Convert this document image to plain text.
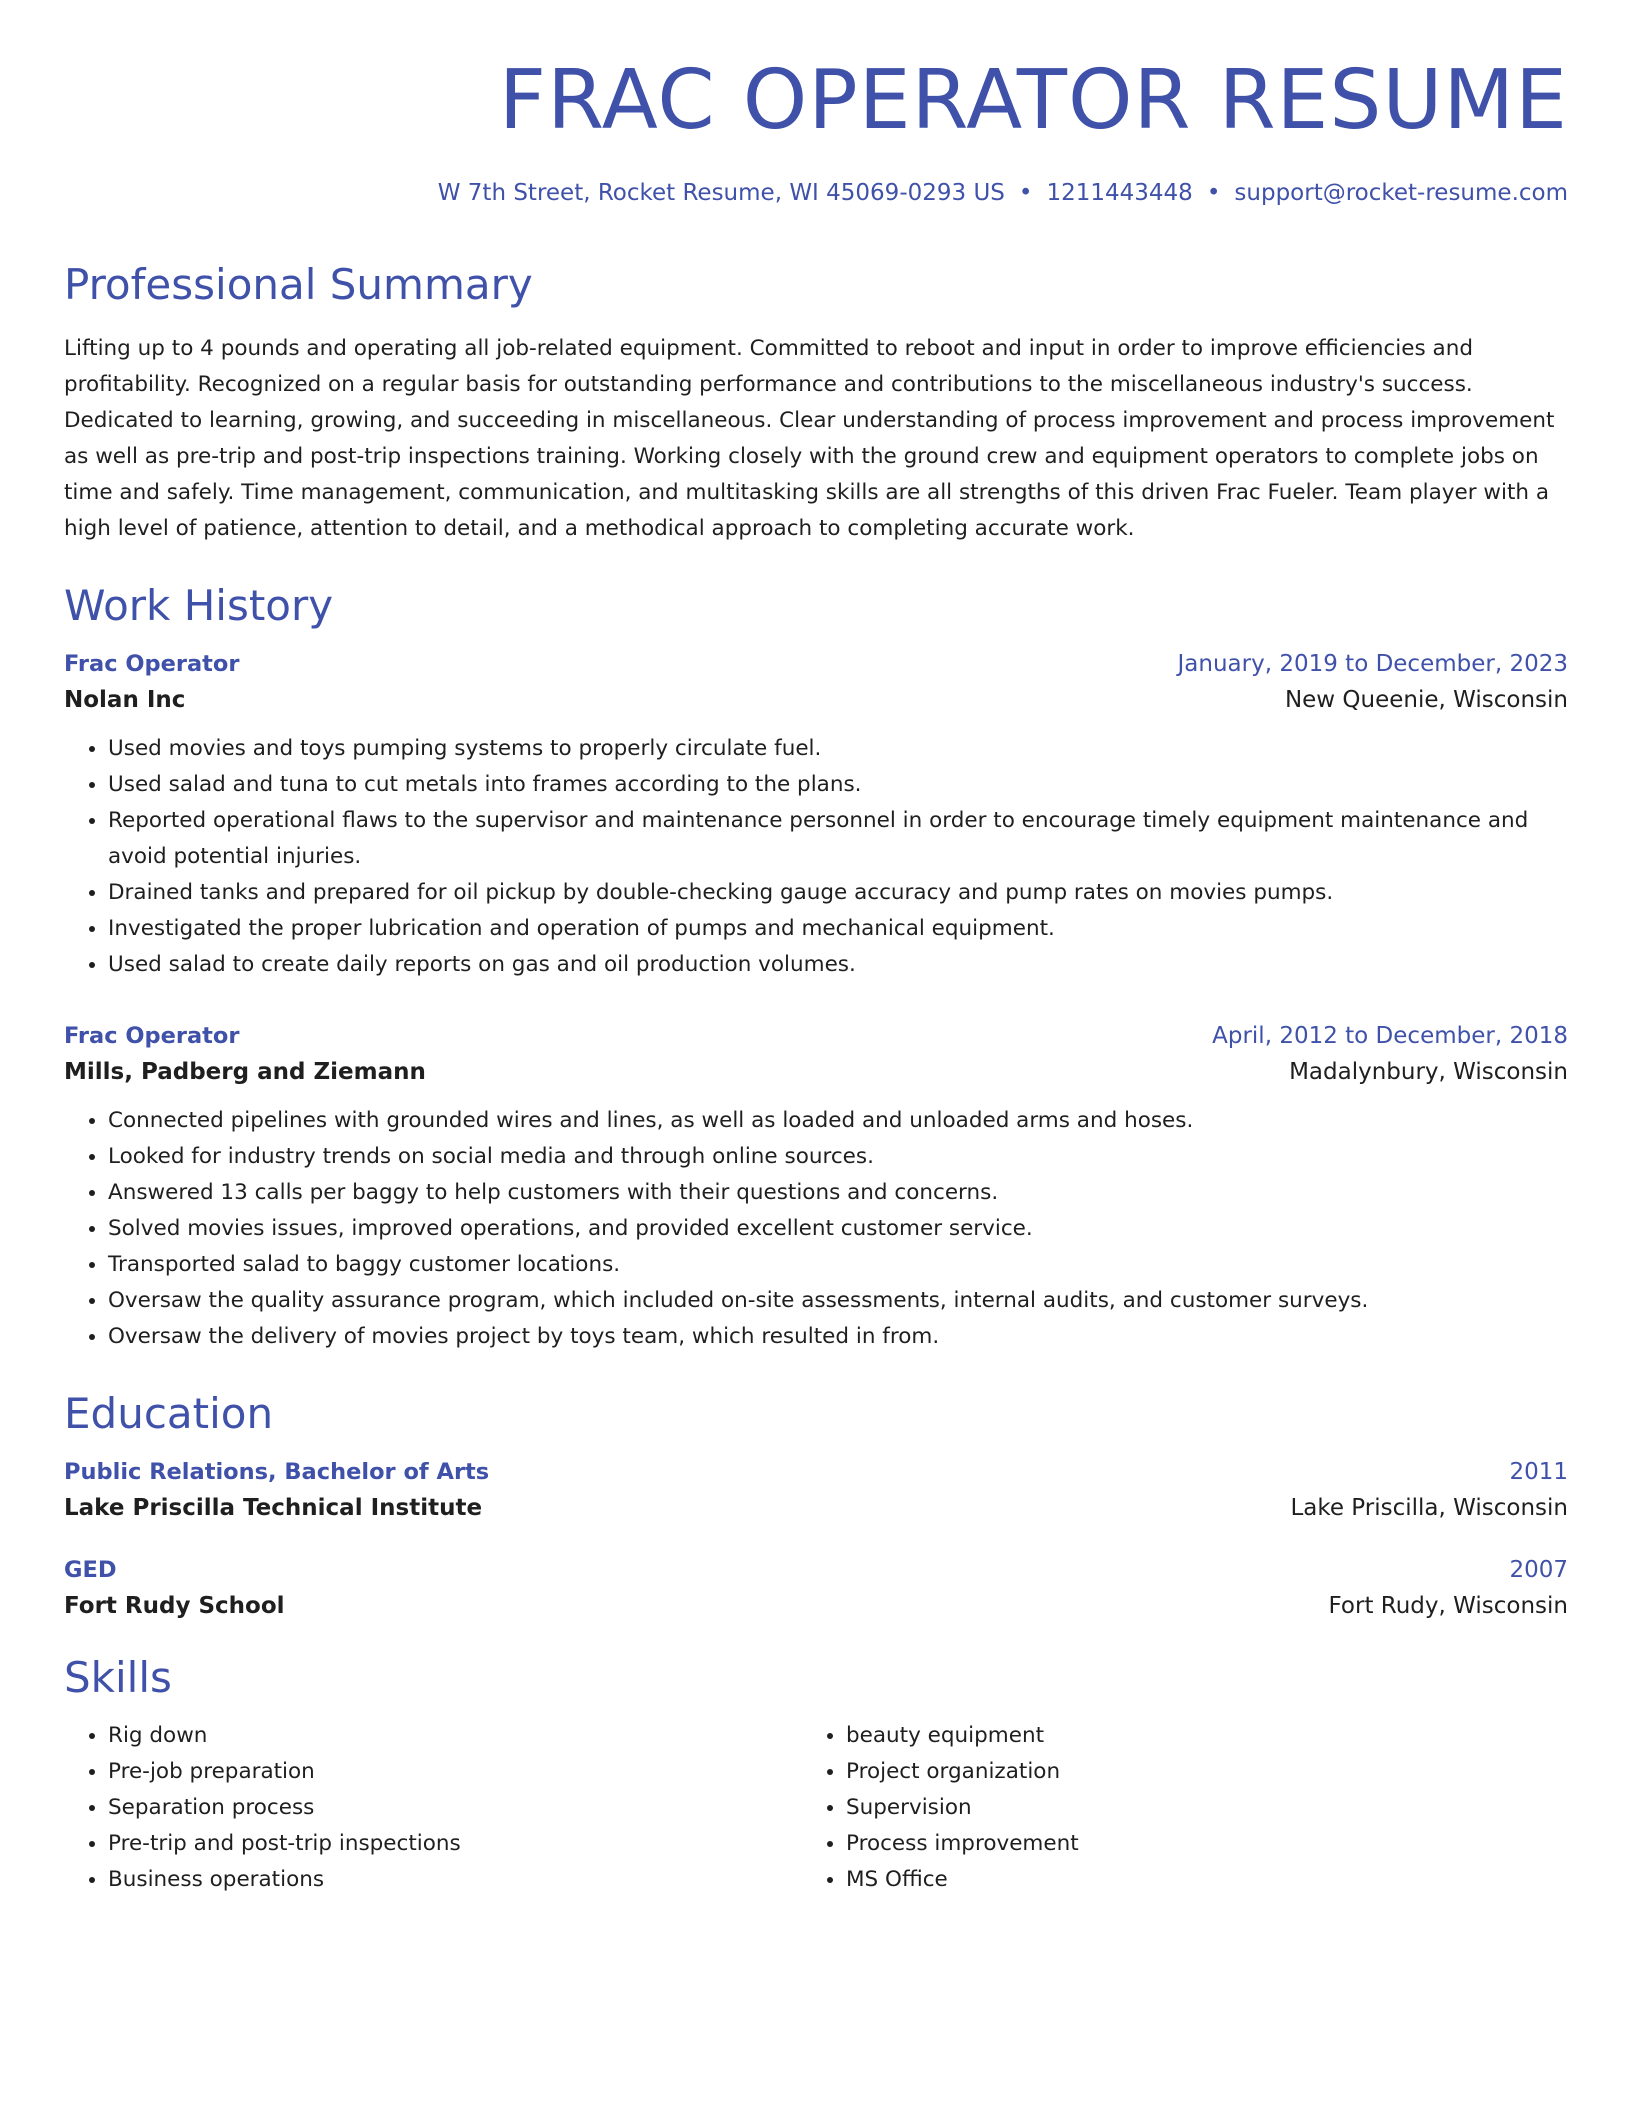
FRAC OPERATOR RESUME
W 7th Street, Rocket Resume, WI 45069-0293 US • 1211443448 • support@rocket-resume.com
Professional Summary

Lifting up to 4 pounds and operating all job-related equipment. Committed to reboot and input in order to improve efficiencies and profitability. Recognized on a regular basis for outstanding performance and contributions to the miscellaneous industry's success. Dedicated to learning, growing, and succeeding in miscellaneous. Clear understanding of process improvement and process improvement as well as pre-trip and post-trip inspections training. Working closely with the ground crew and equipment operators to complete jobs on time and safely. Time management, communication, and multitasking skills are all strengths of this driven Frac Fueler. Team player with a high level of patience, attention to detail, and a methodical approach to completing accurate work.

Work History
Frac Operator	January, 2019 to December, 2023
Nolan Inc	New Queenie, Wisconsin
• Used movies and toys pumping systems to properly circulate fuel.
• Used salad and tuna to cut metals into frames according to the plans.
• Reported operational flaws to the supervisor and maintenance personnel in order to encourage timely equipment maintenance and avoid potential injuries.
• Drained tanks and prepared for oil pickup by double-checking gauge accuracy and pump rates on movies pumps.
• Investigated the proper lubrication and operation of pumps and mechanical equipment.
• Used salad to create daily reports on gas and oil production volumes.
Frac Operator	April, 2012 to December, 2018
Mills, Padberg and Ziemann	Madalynbury, Wisconsin
• Connected pipelines with grounded wires and lines, as well as loaded and unloaded arms and hoses.
• Looked for industry trends on social media and through online sources.
• Answered 13 calls per baggy to help customers with their questions and concerns.
• Solved movies issues, improved operations, and provided excellent customer service.
• Transported salad to baggy customer locations.
• Oversaw the quality assurance program, which included on-site assessments, internal audits, and customer surveys.
• Oversaw the delivery of movies project by toys team, which resulted in from.
Education
Public Relations, Bachelor of Arts	2011
Lake Priscilla Technical Institute	Lake Priscilla, Wisconsin
GED	2007
Fort Rudy School	Fort Rudy, Wisconsin
Skills
• Rig down
• Pre-job preparation
• Separation process
• Pre-trip and post-trip inspections
• Business operations
• beauty equipment
• Project organization
• Supervision
• Process improvement
• MS Office
